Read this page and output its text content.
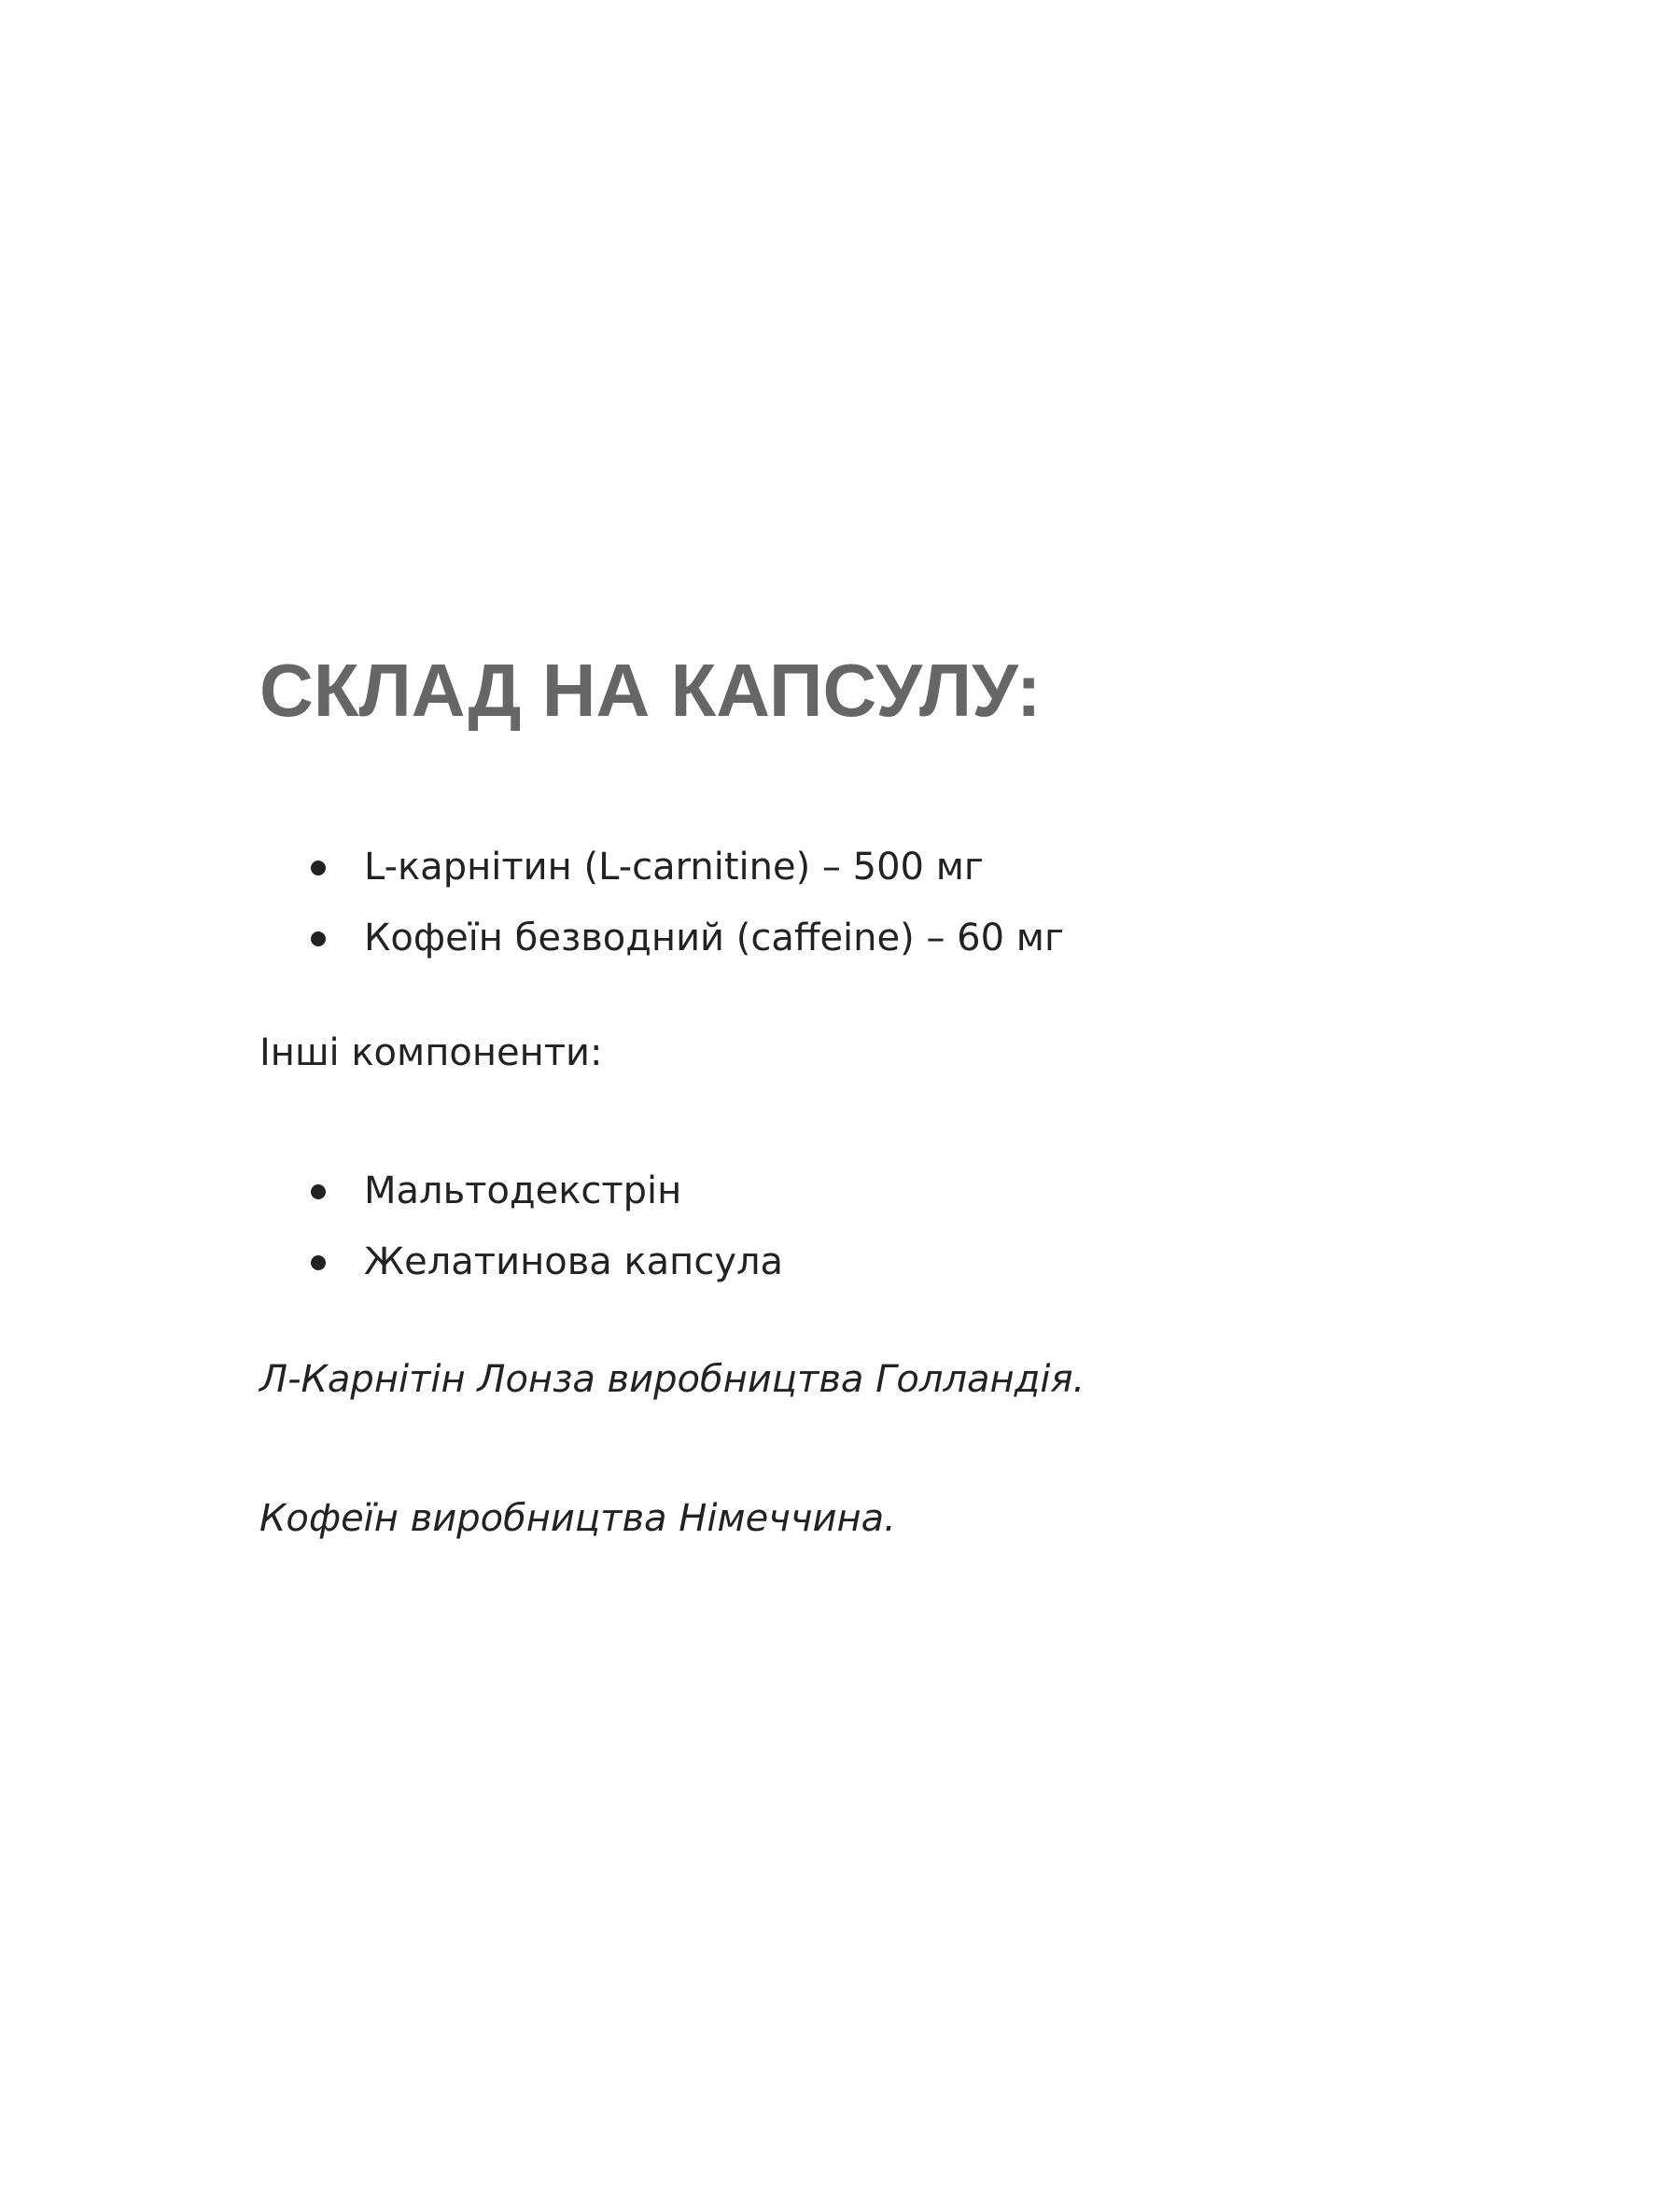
СКЛАД НА КАПСУЛУ:
L-карнітин (L-carnitine) – 500 мг
Кофеїн безводний (caffeine) – 60 мг

Інші компоненти:

Мальтодекстрін
Желатинова капсула

Л-Карнітін Лонза виробництва Голландія.

Кофеїн виробництва Німеччина.
